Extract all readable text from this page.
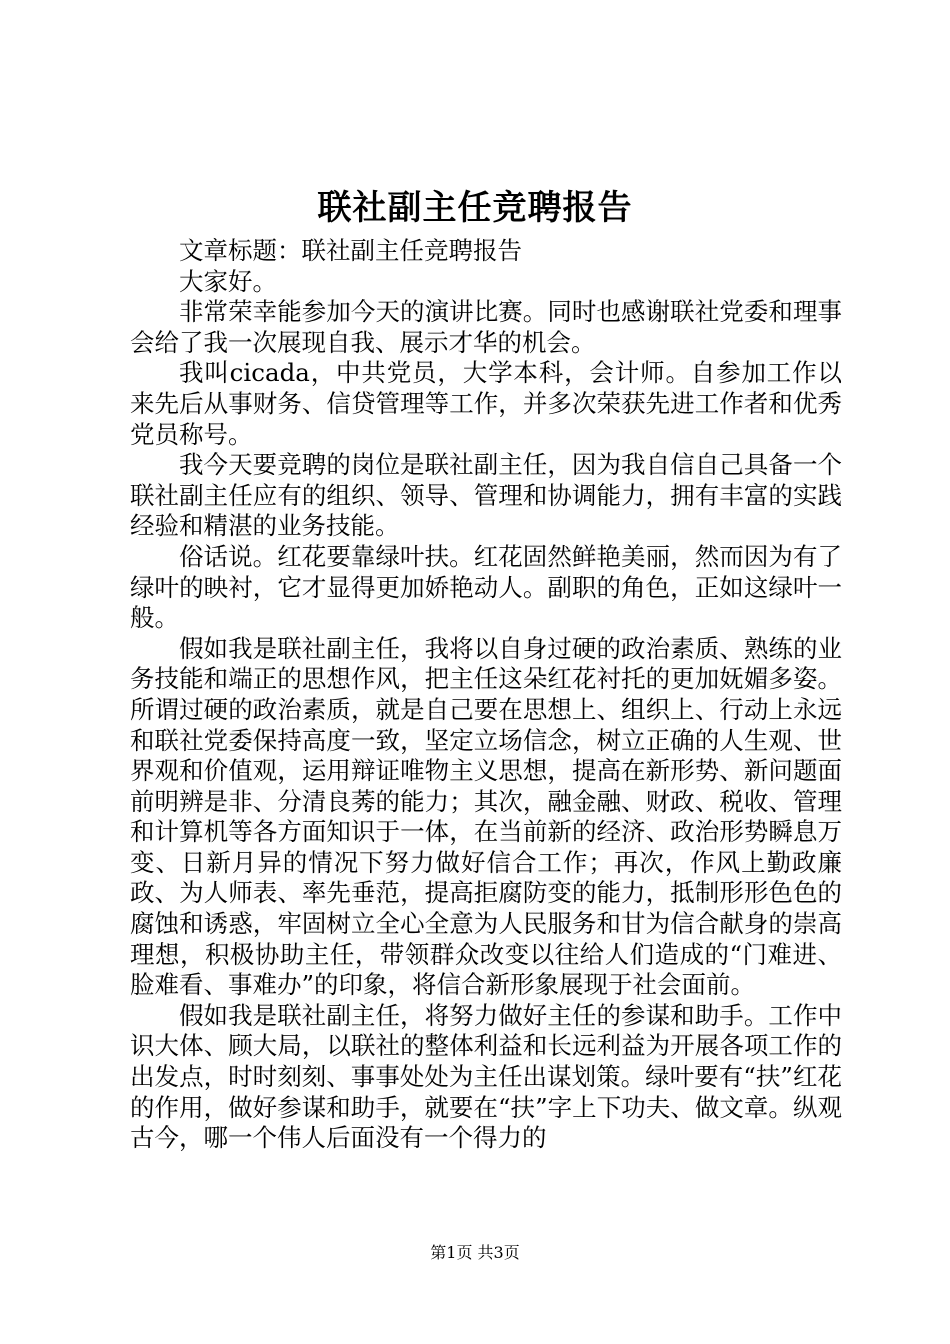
联社副主任竞聘报告

文章标题：联社副主任竞聘报告

大家好。

非常荣幸能参加今天的演讲比赛。同时也感谢联社党委和理事会给了我一次展现自我、展示才华的机会。

我叫cicada，中共党员，大学本科，会计师。自参加工作以来先后从事财务、信贷管理等工作，并多次荣获先进工作者和优秀党员称号。

我今天要竞聘的岗位是联社副主任，因为我自信自己具备一个联社副主任应有的组织、领导、管理和协调能力，拥有丰富的实践经验和精湛的业务技能。

俗话说。红花要靠绿叶扶。红花固然鲜艳美丽，然而因为有了绿叶的映衬，它才显得更加娇艳动人。副职的角色，正如这绿叶一般。

假如我是联社副主任，我将以自身过硬的政治素质、熟练的业务技能和端正的思想作风，把主任这朵红花衬托的更加妩媚多姿。所谓过硬的政治素质，就是自己要在思想上、组织上、行动上永远和联社党委保持高度一致，坚定立场信念，树立正确的人生观、世界观和价值观，运用辩证唯物主义思想，提高在新形势、新问题面前明辨是非、分清良莠的能力；其次，融金融、财政、税收、管理和计算机等各方面知识于一体，在当前新的经济、政治形势瞬息万变、日新月异的情况下努力做好信合工作；再次，作风上勤政廉政、为人师表、率先垂范，提高拒腐防变的能力，抵制形形色色的腐蚀和诱惑，牢固树立全心全意为人民服务和甘为信合献身的崇高理想，积极协助主任，带领群众改变以往给人们造成的“门难进、脸难看、事难办”的印象，将信合新形象展现于社会面前。

假如我是联社副主任，将努力做好主任的参谋和助手。工作中识大体、顾大局，以联社的整体利益和长远利益为开展各项工作的出发点，时时刻刻、事事处处为主任出谋划策。绿叶要有“扶”红花的作用，做好参谋和助手，就要在“扶”字上下功夫、做文章。纵观古今，哪一个伟人后面没有一个得力的

第1页 共3页
